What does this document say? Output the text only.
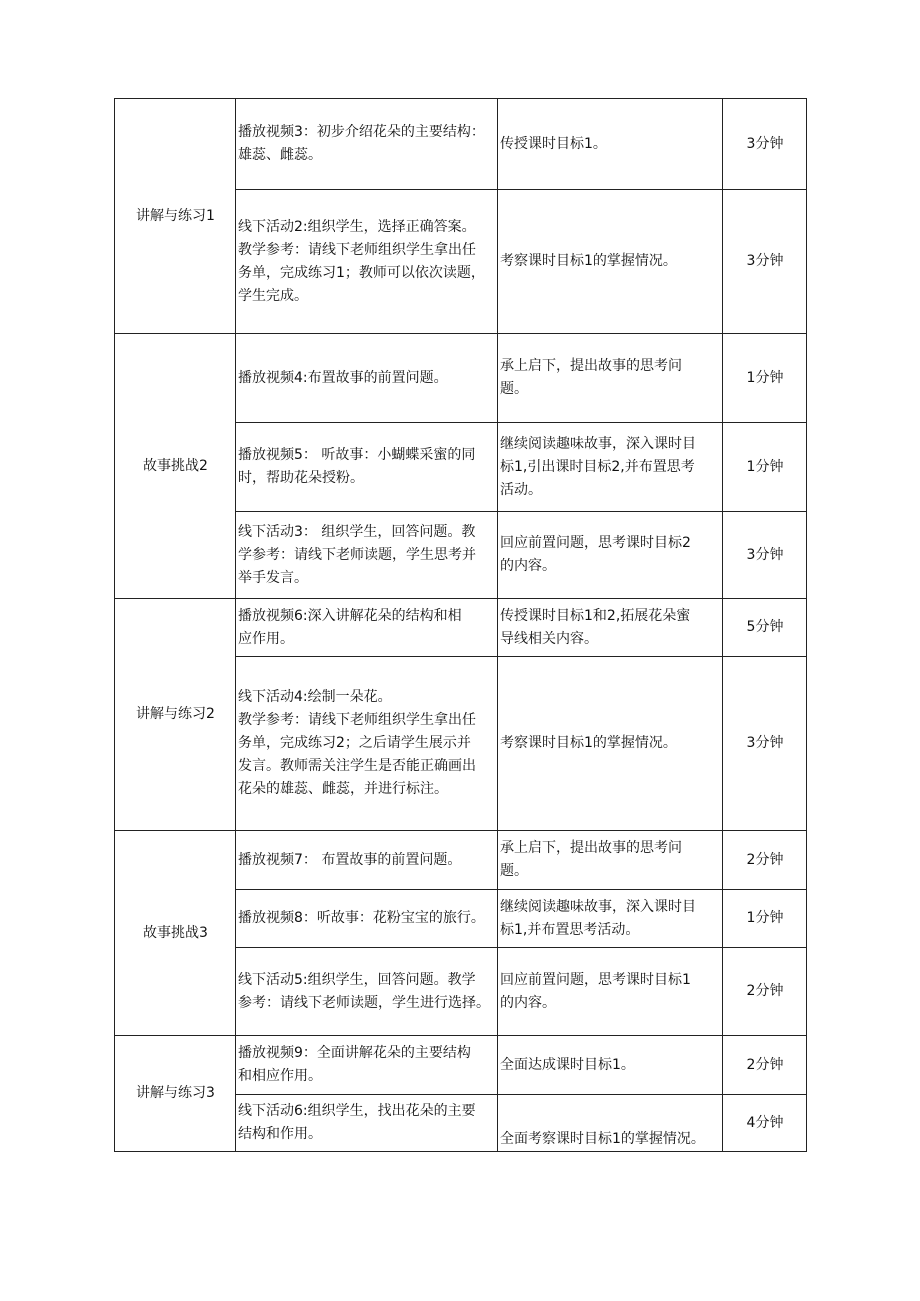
讲解与练习1	播放视频3：初步介绍花朵的主要结构：
雄蕊、雌蕊。	传授课时目标1。	3分钟

	线下活动2:组织学生，选择正确答案。
教学参考：请线下老师组织学生拿出任
务单，完成练习1；教师可以依次读题，
学生完成。	考察课时目标1的掌握情况。	3分钟
故事挑战2	播放视频4:布置故事的前置问题。	承上启下，提出故事的思考问
题。	1分钟

	播放视频5： 听故事：小蝴蝶采蜜的同
时，帮助花朵授粉。	继续阅读趣味故事，深入课时目
标1,引出课时目标2,并布置思考
活动。	1分钟

	线下活动3： 组织学生，回答问题。教
学参考：请线下老师读题，学生思考并
举手发言。	回应前置问题，思考课时目标2
的内容。	3分钟
讲解与练习2	播放视频6:深入讲解花朵的结构和相
应作用。	传授课时目标1和2,拓展花朵蜜
导线相关内容。	5分钟

	线下活动4:绘制一朵花。
教学参考：请线下老师组织学生拿出任
务单，完成练习2；之后请学生展示并
发言。教师需关注学生是否能正确画出
花朵的雄蕊、雌蕊，并进行标注。	考察课时目标1的掌握情况。	3分钟
故事挑战3	播放视频7： 布置故事的前置问题。	承上启下，提出故事的思考问
题。	2分钟

	播放视频8：听故事：花粉宝宝的旅行。	继续阅读趣味故事，深入课时目
标1,并布置思考活动。	1分钟

	线下活动5:组织学生，回答问题。教学
参考：请线下老师读题，学生进行选择。	回应前置问题，思考课时目标1
的内容。	2分钟
讲解与练习3	播放视频9：全面讲解花朵的主要结构
和相应作用。	全面达成课时目标1。	2分钟

	线下活动6:组织学生，找出花朵的主要
结构和作用。	全面考察课时目标1的掌握情况。	4分钟
